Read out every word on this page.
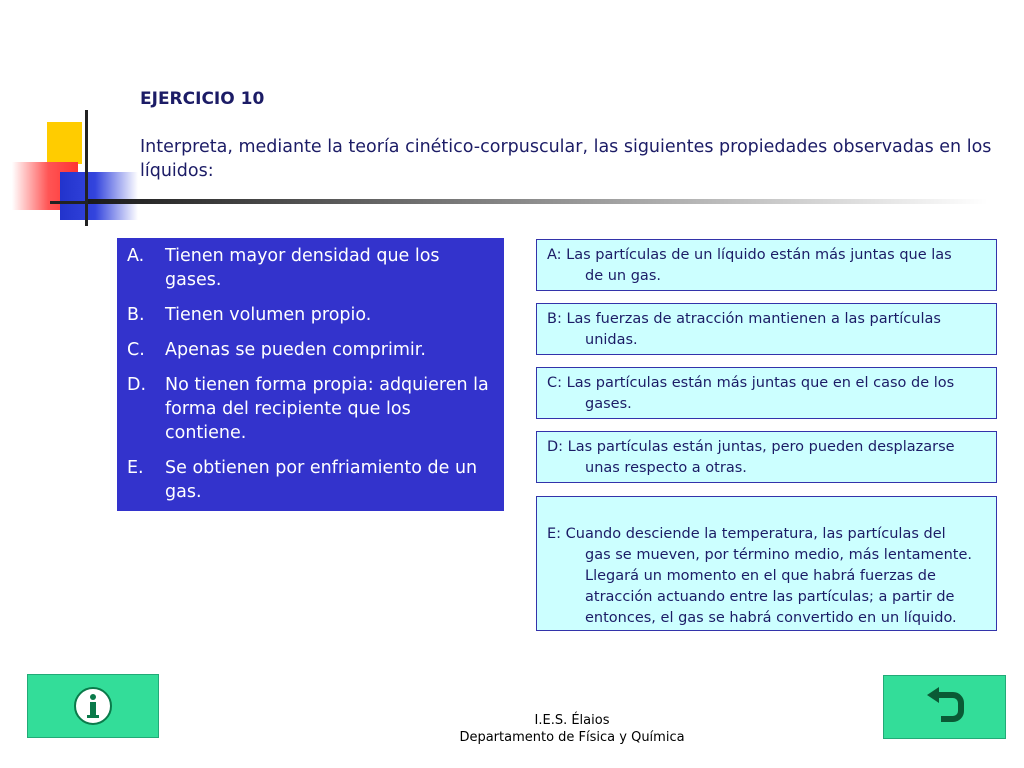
EJERCICIO 10
Interpreta, mediante la teoría cinético-corpuscular, las siguientes propiedades observadas en los líquidos:
A.	Tienen mayor densidad que los gases.
B.	Tienen volumen propio.
C.	Apenas se pueden comprimir.
D.	No tienen forma propia: adquieren la forma del recipiente que los contiene.
E.	Se obtienen por enfriamiento de un gas.
A: Las partículas de un líquido están más juntas que las
de un gas.
B: Las fuerzas de atracción mantienen a las partículas
unidas.
C: Las partículas están más juntas que en el caso de los
gases.
D: Las partículas están juntas, pero pueden desplazarse
unas respecto a otras.
E: Cuando desciende la temperatura, las partículas del
gas se mueven, por término medio, más lentamente. Llegará un momento en el que habrá fuerzas de atracción actuando entre las partículas; a partir de entonces, el gas se habrá convertido en un líquido.
I.E.S. Élaios
Departamento de Física y Química
